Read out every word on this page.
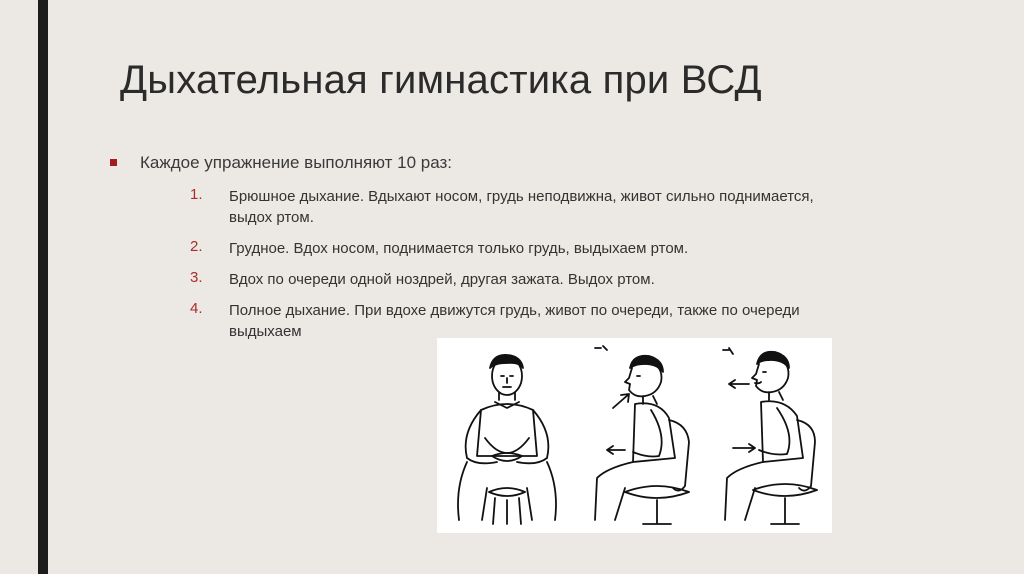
Дыхательная гимнастика при ВСД
Каждое упражнение выполняют 10 раз:
1.	Брюшное дыхание. Вдыхают носом, грудь неподвижна, живот сильно поднимается, выдох ртом.
2.	Грудное. Вдох носом, поднимается только грудь, выдыхаем ртом.
3.	Вдох по очереди одной ноздрей, другая зажата. Выдох ртом.
4.	Полное дыхание. При вдохе движутся грудь, живот по очереди, также по очереди выдыхаем
